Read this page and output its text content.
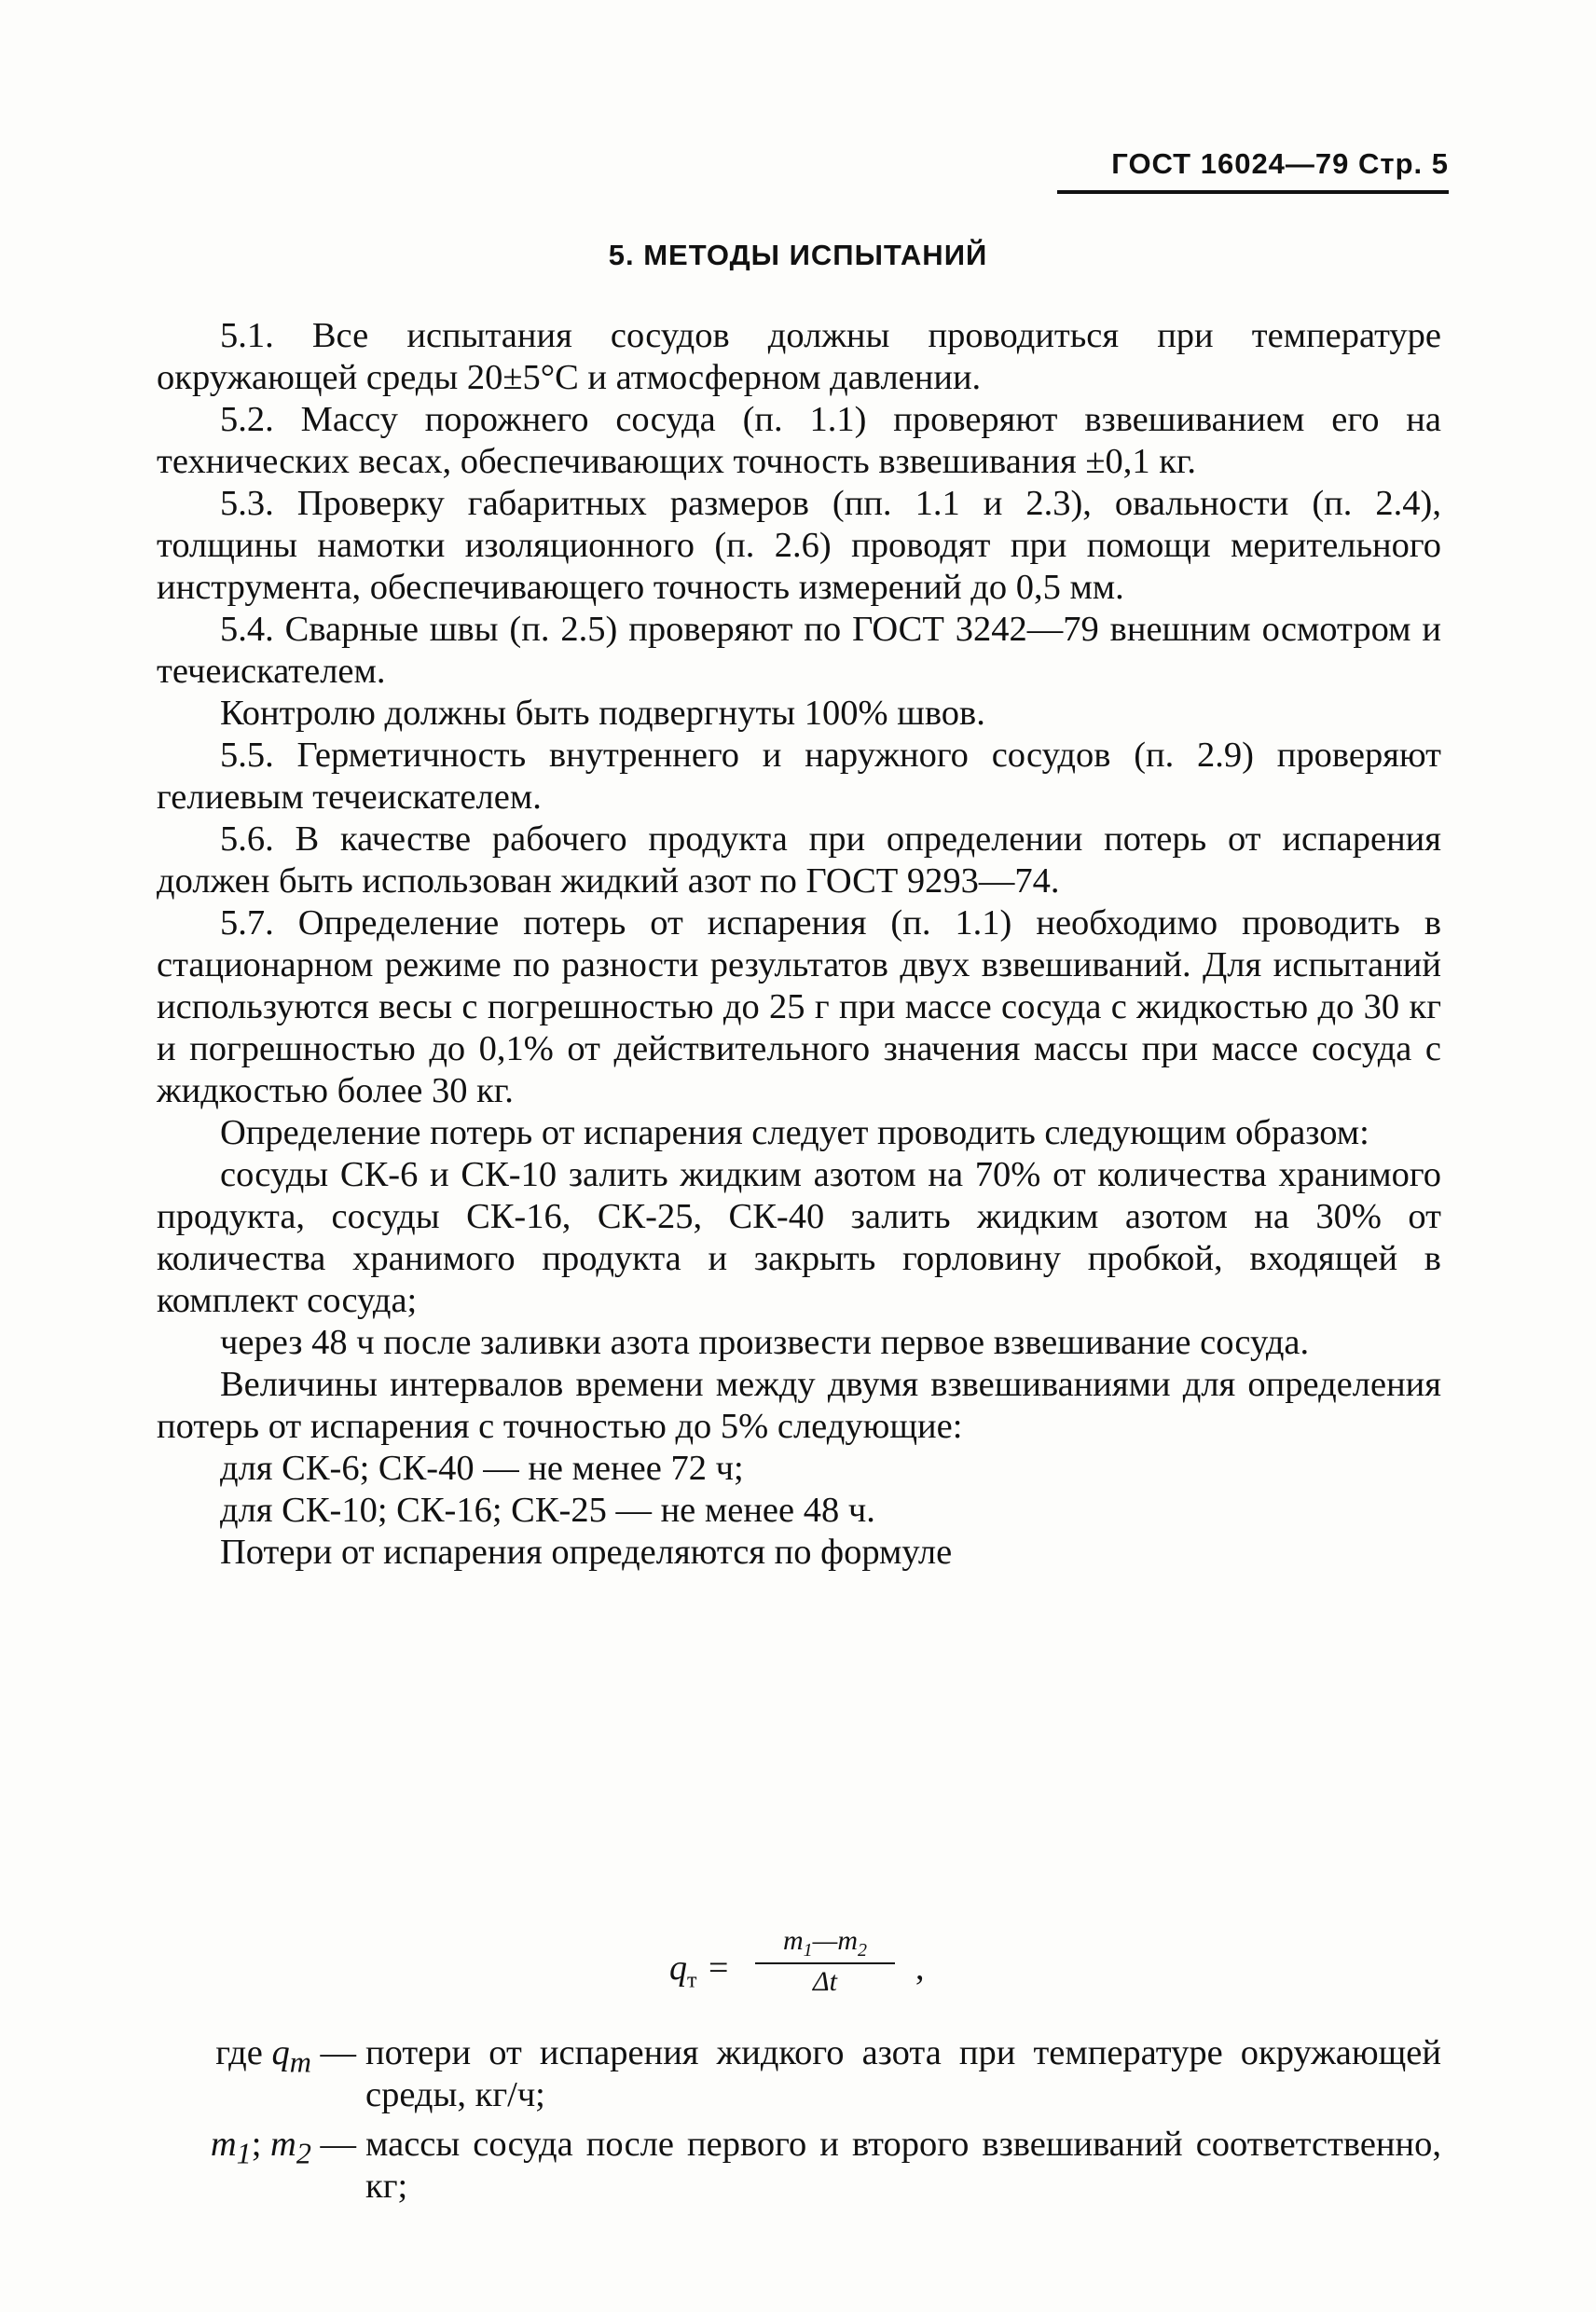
ГОСТ 16024—79 Стр. 5
5. МЕТОДЫ ИСПЫТАНИЙ

5.1. Все испытания сосудов должны проводиться при температуре окружающей среды 20±5°С и атмосферном давлении.

5.2. Массу порожнего сосуда (п. 1.1) проверяют взвешиванием его на технических весах, обеспечивающих точность взвешивания ±0,1 кг.

5.3. Проверку габаритных размеров (пп. 1.1 и 2.3), овальности (п. 2.4), толщины намотки изоляционного (п. 2.6) проводят при помощи мерительного инструмента, обеспечивающего точность измерений до 0,5 мм.

5.4. Сварные швы (п. 2.5) проверяют по ГОСТ 3242—79 внешним осмотром и течеискателем.

Контролю должны быть подвергнуты 100% швов.

5.5. Герметичность внутреннего и наружного сосудов (п. 2.9) проверяют гелиевым течеискателем.

5.6. В качестве рабочего продукта при определении потерь от испарения должен быть использован жидкий азот по ГОСТ 9293—74.

5.7. Определение потерь от испарения (п. 1.1) необходимо проводить в стационарном режиме по разности результатов двух взвешиваний. Для испытаний используются весы с погрешностью до 25 г при массе сосуда с жидкостью до 30 кг и погрешностью до 0,1% от действительного значения массы при массе сосуда с жидкостью более 30 кг.

Определение потерь от испарения следует проводить следующим образом:

сосуды СК-6 и СК-10 залить жидким азотом на 70% от количества хранимого продукта, сосуды СК-16, СК-25, СК-40 залить жидким азотом на 30% от количества хранимого продукта и закрыть горловину пробкой, входящей в комплект сосуда;

через 48 ч после заливки азота произвести первое взвешивание сосуда.

Величины интервалов времени между двумя взвешиваниями для определения потерь от испарения с точностью до 5% следующие:

для СК-6; СК-40 — не менее 72 ч;

для СК-10; СК-16; СК-25 — не менее 48 ч.

Потери от испарения определяются по формуле

$q_т$ =
$m_1—m_2$
Δt	,
где $q_т$ — потери от испарения жидкого азота при температуре окружающей среды, кг/ч;
$m_1$; $m_2$ — массы сосуда после первого и второго взвешиваний соответственно, кг;
